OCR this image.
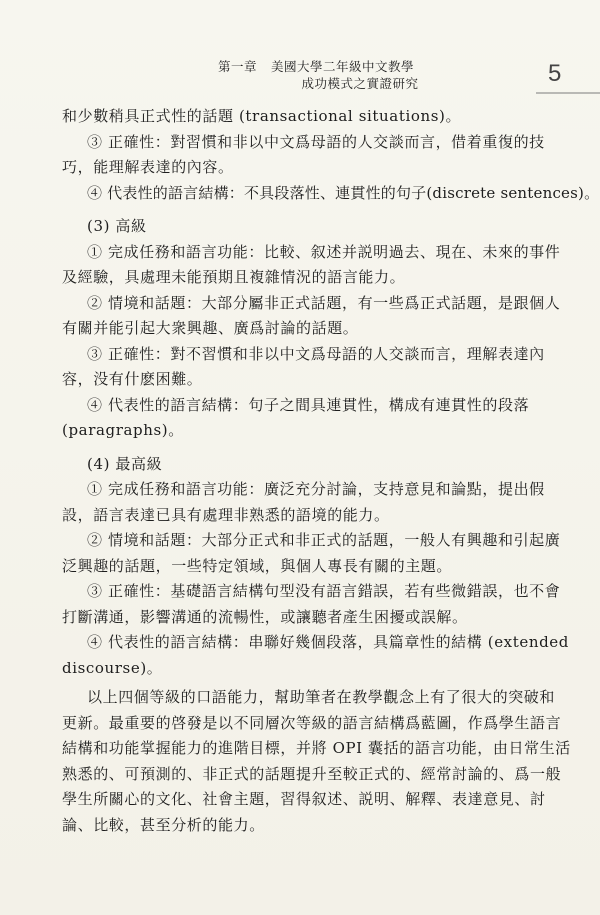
第一章 美國大學二年級中文教學
成功模式之實證研究	5
和少數稍具正式性的話題 (transactional situations)。
③ 正確性：對習慣和非以中文爲母語的人交談而言，借着重復的技
巧，能理解表達的內容。
④ 代表性的語言結構：不具段落性、連貫性的句子(discrete sentences)。
(3) 高級
① 完成任務和語言功能：比較、叙述并説明過去、現在、未來的事件
及經驗，具處理未能預期且複雜情況的語言能力。
② 情境和話題：大部分屬非正式話題，有一些爲正式話題，是跟個人
有關并能引起大衆興趣、廣爲討論的話題。
③ 正確性：對不習慣和非以中文爲母語的人交談而言，理解表達內
容，没有什麽困難。
④ 代表性的語言結構：句子之間具連貫性，構成有連貫性的段落
(paragraphs)。
(4) 最高級
① 完成任務和語言功能：廣泛充分討論，支持意見和論點，提出假
設，語言表達已具有處理非熟悉的語境的能力。
② 情境和話題：大部分正式和非正式的話題，一般人有興趣和引起廣
泛興趣的話題，一些特定領域，與個人專長有關的主題。
③ 正確性：基礎語言結構句型没有語言錯誤，若有些微錯誤，也不會
打斷溝通，影響溝通的流暢性，或讓聽者產生困擾或誤解。
④ 代表性的語言結構：串聯好幾個段落，具篇章性的結構 (extended
discourse)。
以上四個等級的口語能力，幫助筆者在教學觀念上有了很大的突破和
更新。最重要的啓發是以不同層次等級的語言結構爲藍圖，作爲學生語言
結構和功能掌握能力的進階目標，并將 OPI 囊括的語言功能，由日常生活
熟悉的、可預測的、非正式的話題提升至較正式的、經常討論的、爲一般
學生所關心的文化、社會主題，習得叙述、説明、解釋、表達意見、討
論、比較，甚至分析的能力。
